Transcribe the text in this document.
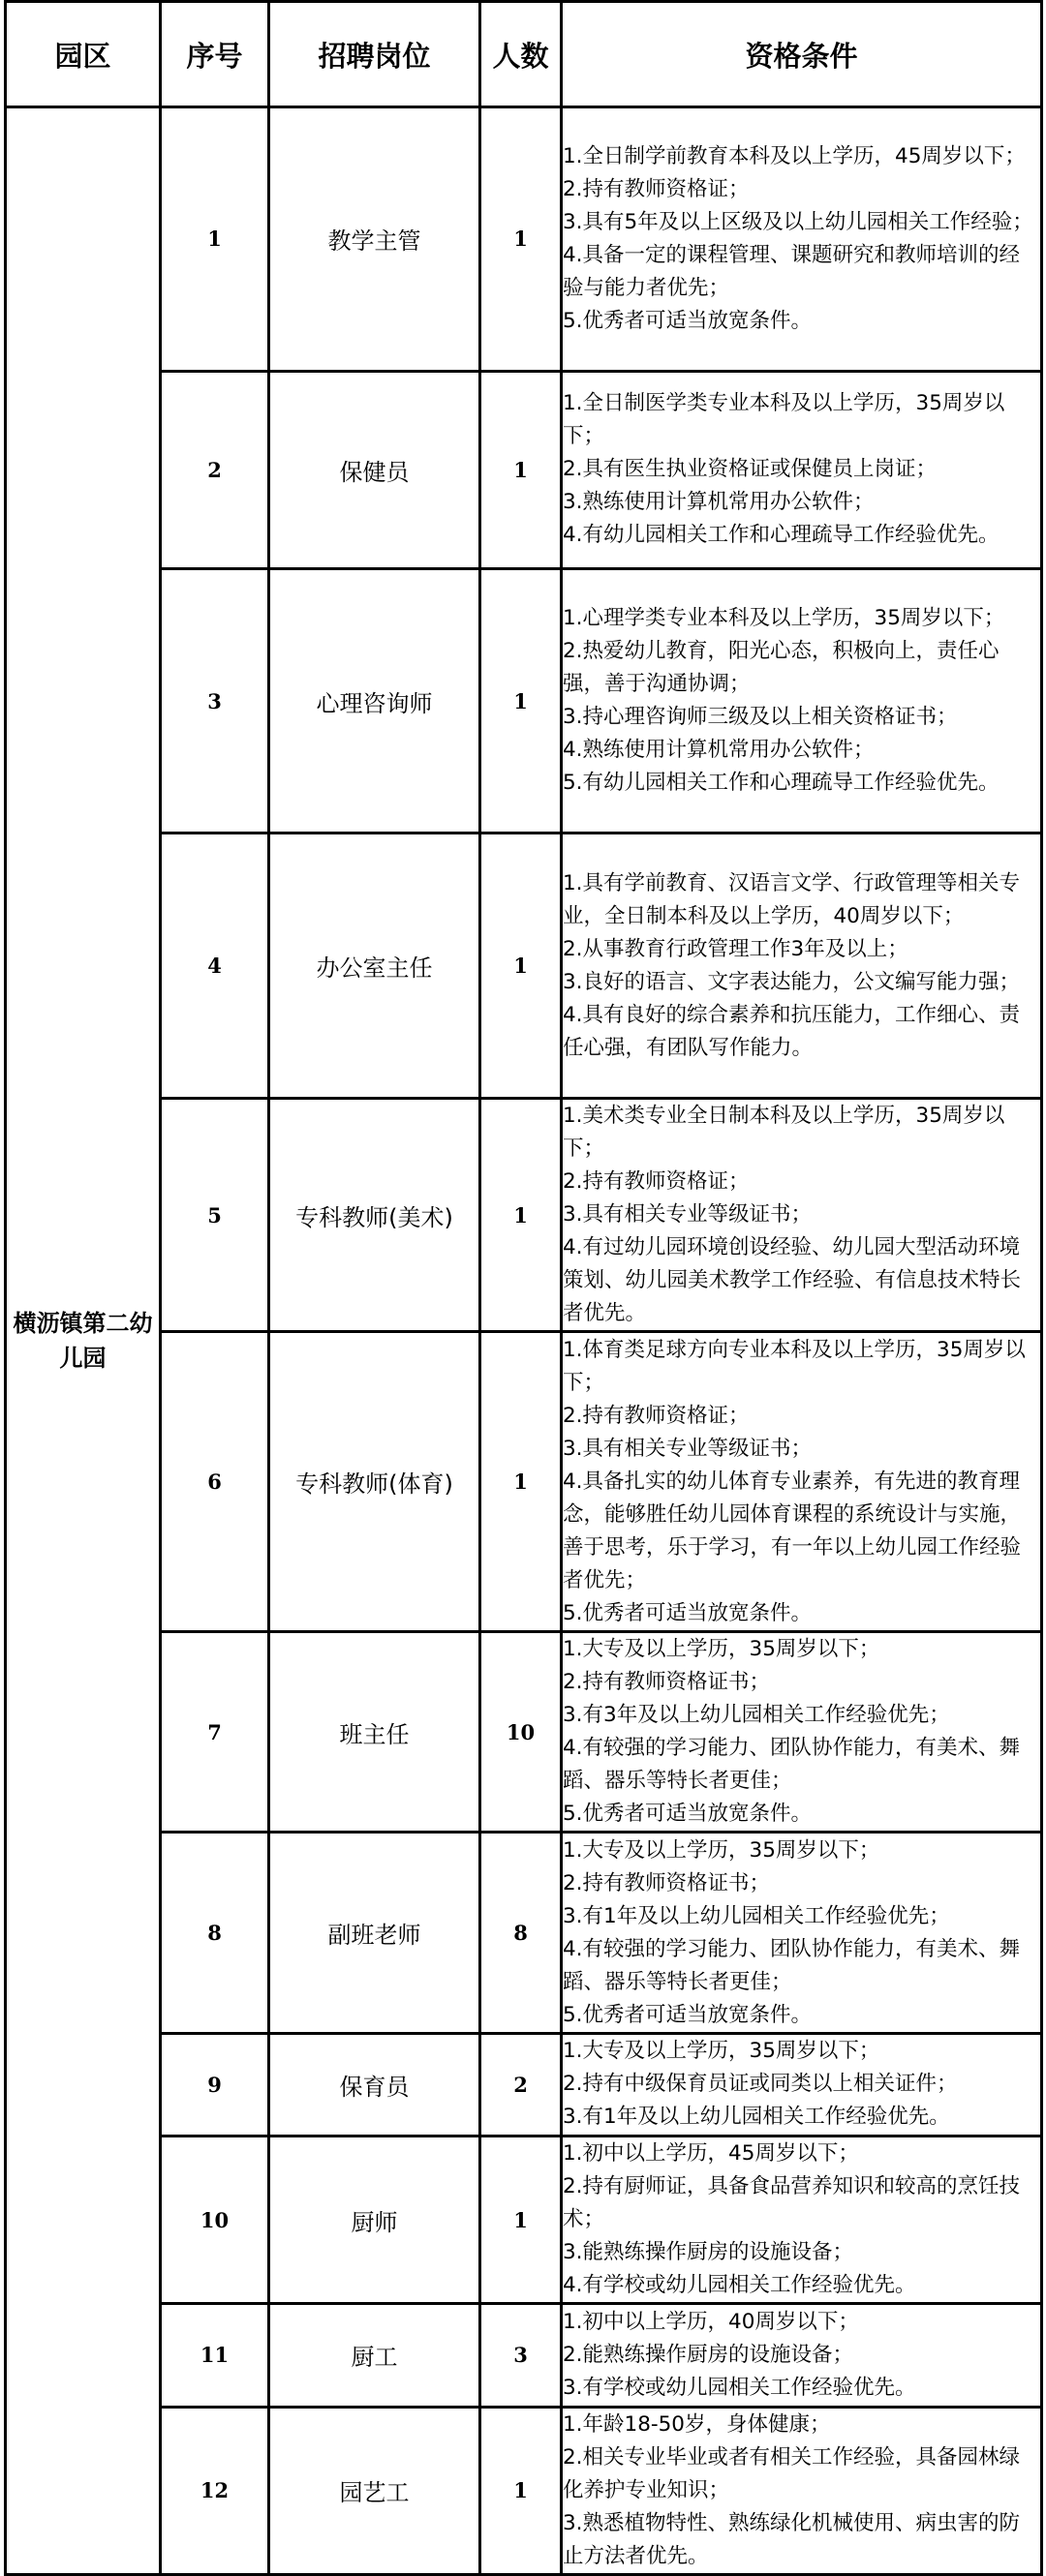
园区	序号	招聘岗位	人数	资格条件
横沥镇第二幼儿园	1	教学主管	1	1.全日制学前教育本科及以上学历，45周岁以下；
2.持有教师资格证；
3.具有5年及以上区级及以上幼儿园相关工作经验；
4.具备一定的课程管理、课题研究和教师培训的经验与能力者优先；
5.优秀者可适当放宽条件。

	2	保健员	1	1.全日制医学类专业本科及以上学历，35周岁以下；
2.具有医生执业资格证或保健员上岗证；
3.熟练使用计算机常用办公软件；
4.有幼儿园相关工作和心理疏导工作经验优先。

	3	心理咨询师	1	1.心理学类专业本科及以上学历，35周岁以下；
2.热爱幼儿教育，阳光心态，积极向上，责任心强，善于沟通协调；
3.持心理咨询师三级及以上相关资格证书；
4.熟练使用计算机常用办公软件；
5.有幼儿园相关工作和心理疏导工作经验优先。

	4	办公室主任	1	1.具有学前教育、汉语言文学、行政管理等相关专业，全日制本科及以上学历，40周岁以下；
2.从事教育行政管理工作3年及以上；
3.良好的语言、文字表达能力，公文编写能力强；
4.具有良好的综合素养和抗压能力，工作细心、责任心强，有团队写作能力。

	5	专科教师(美术)	1	1.美术类专业全日制本科及以上学历，35周岁以下；
2.持有教师资格证；
3.具有相关专业等级证书；
4.有过幼儿园环境创设经验、幼儿园大型活动环境策划、幼儿园美术教学工作经验、有信息技术特长者优先。

	6	专科教师(体育)	1	1.体育类足球方向专业本科及以上学历，35周岁以下；
2.持有教师资格证；
3.具有相关专业等级证书；
4.具备扎实的幼儿体育专业素养，有先进的教育理念，能够胜任幼儿园体育课程的系统设计与实施，善于思考，乐于学习，有一年以上幼儿园工作经验者优先；
5.优秀者可适当放宽条件。

	7	班主任	10	1.大专及以上学历，35周岁以下；
2.持有教师资格证书；
3.有3年及以上幼儿园相关工作经验优先；
4.有较强的学习能力、团队协作能力，有美术、舞蹈、器乐等特长者更佳；
5.优秀者可适当放宽条件。

	8	副班老师	8	1.大专及以上学历，35周岁以下；
2.持有教师资格证书；
3.有1年及以上幼儿园相关工作经验优先；
4.有较强的学习能力、团队协作能力，有美术、舞蹈、器乐等特长者更佳；
5.优秀者可适当放宽条件。

	9	保育员	2	1.大专及以上学历，35周岁以下；
2.持有中级保育员证或同类以上相关证件；
3.有1年及以上幼儿园相关工作经验优先。

	10	厨师	1	1.初中以上学历，45周岁以下；
2.持有厨师证，具备食品营养知识和较高的烹饪技术；
3.能熟练操作厨房的设施设备；
4.有学校或幼儿园相关工作经验优先。

	11	厨工	3	1.初中以上学历，40周岁以下；
2.能熟练操作厨房的设施设备；
3.有学校或幼儿园相关工作经验优先。

	12	园艺工	1	1.年龄18-50岁，身体健康；
2.相关专业毕业或者有相关工作经验，具备园林绿化养护专业知识；
3.熟悉植物特性、熟练绿化机械使用、病虫害的防止方法者优先。
